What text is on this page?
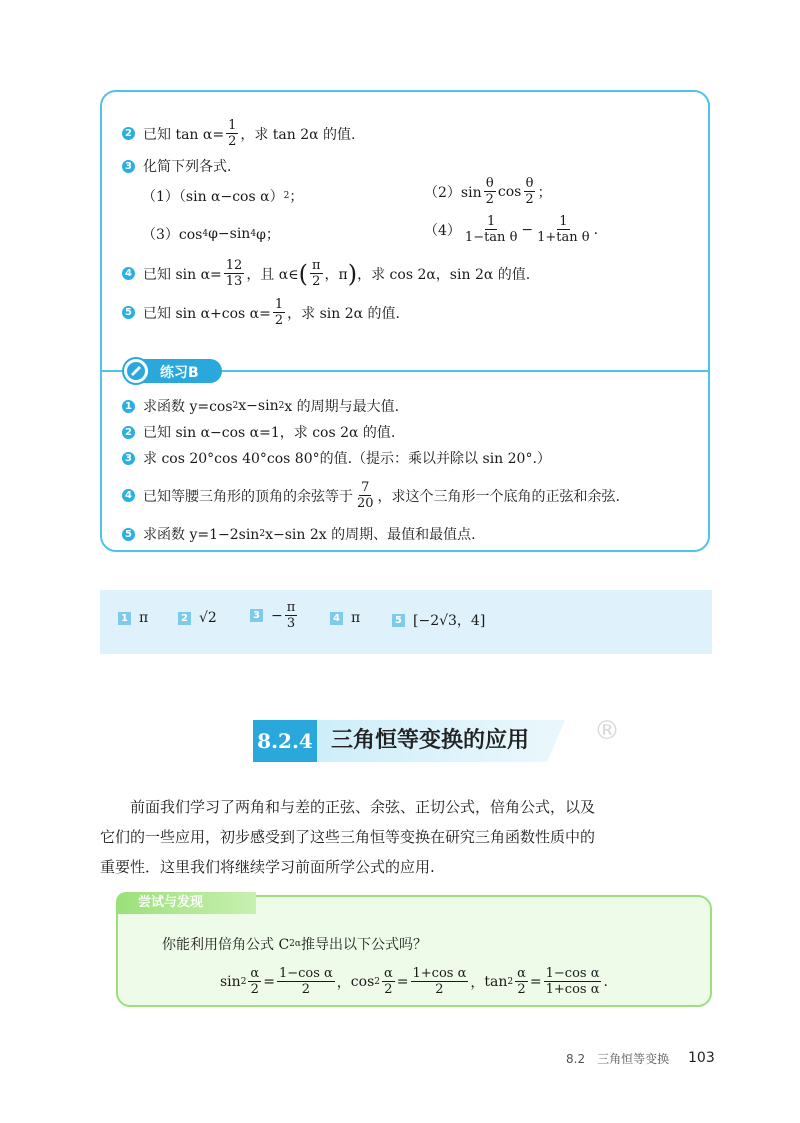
2 已知 $\tan \alpha= \frac{1}{2}$ ，求 tan 2α 的值.
3 化简下列各式.
（1）（sin α−cos α） 2 ；	$(2)\sin \frac{\theta}{2}$ $\cos \frac{\theta}{2}$ ；
（3）cos 4 φ−sin 4 φ；	$(4) \frac{1}{\text{1−tan θ}} - \frac{1}{\text{1+tan θ}}$ .
4 已知 $\sin \alpha= \frac{12}{13}$ ，且 α∈ ( $\frac{\pi}{2}$ ，π ) ，求 cos 2α，sin 2α 的值.
5 已知 sin α+cos $\alpha= \frac{1}{2}$ ，求 sin 2α 的值.
练习B
1 求函数 y=cos 2 x−sin 2 x 的周期与最大值.
2 已知 sin α−cos α=1，求 cos 2α 的值.
3 求 cos 20°cos 40°cos 80°的值.（提示：乘以并除以 sin 20°.）
4 已知等腰三角形的顶角的余弦等于 $\frac{7}{20}$ ，求这个三角形一个底角的正弦和余弦.
5 求函数 y=1−2sin 2 x−sin 2x 的周期、最值和最值点.
1 π	2 √2	$3 - \frac{\pi}{3}$	4 π	5 [−2√3，4]
8.2.4 三角恒等变换的应用	®
前面我们学习了两角和与差的正弦、余弦、正切公式，倍角公式，以及
它们的一些应用，初步感受到了这些三角恒等变换在研究三角函数性质中的
重要性．这里我们将继续学习前面所学公式的应用.
尝试与发现
你能利用倍角公式 C 2α 推导出以下公式吗？
$\sin 2 \frac{\alpha}{2} = \frac{\text{1−cos α}}{2}$ ， $\cos 2 \frac{\alpha}{2} = \frac{\text{1+cos α}}{2}$ ， $\tan 2 \frac{\alpha}{2} = \frac{\text{1−cos α}}{\text{1+cos α}}$ .
8.2　三角恒等变换 103
